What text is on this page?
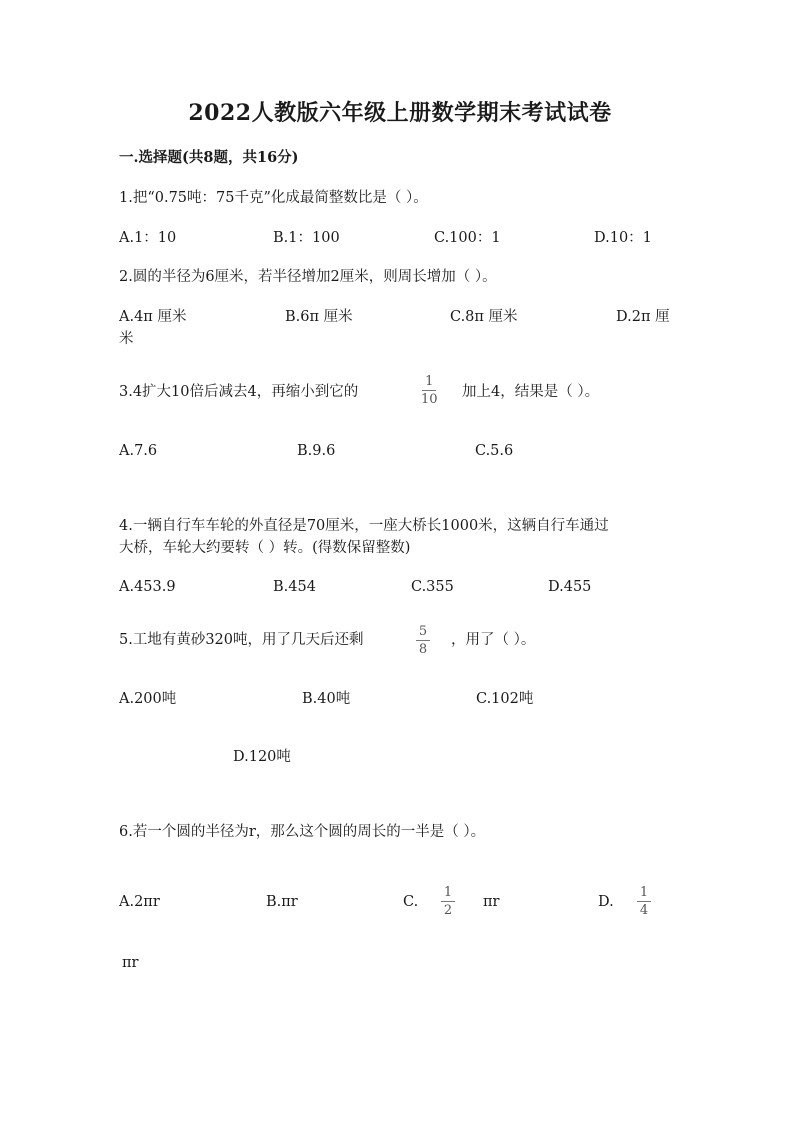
2022人教版六年级上册数学期末考试试卷
一.选择题(共8题，共16分)
1.把“0.75吨：75千克”化成最简整数比是（ ）。
A.1：10	B.1：100	C.100：1	D.10：1
2.圆的半径为6厘米，若半径增加2厘米，则周长增加（ ）。
A.4π 厘米	B.6π 厘米	C.8π 厘米	D.2π 厘
米
3.4扩大10倍后减去4，再缩小到它的
1
10 加上4，结果是（ ）。
A.7.6	B.9.6	C.5.6
4.一辆自行车车轮的外直径是70厘米，一座大桥长1000米，这辆自行车通过
大桥，车轮大约要转（ ）转。(得数保留整数)
A.453.9	B.454	C.355	D.455
5.工地有黄砂320吨，用了几天后还剩
5
8
，用了（ ）。
A.200吨	B.40吨	C.102吨
D.120吨
6.若一个圆的半径为r，那么这个圆的周长的一半是（ ）。
A.2πr	B.πr	C.
1
2
πr	D.
1
4
πr
